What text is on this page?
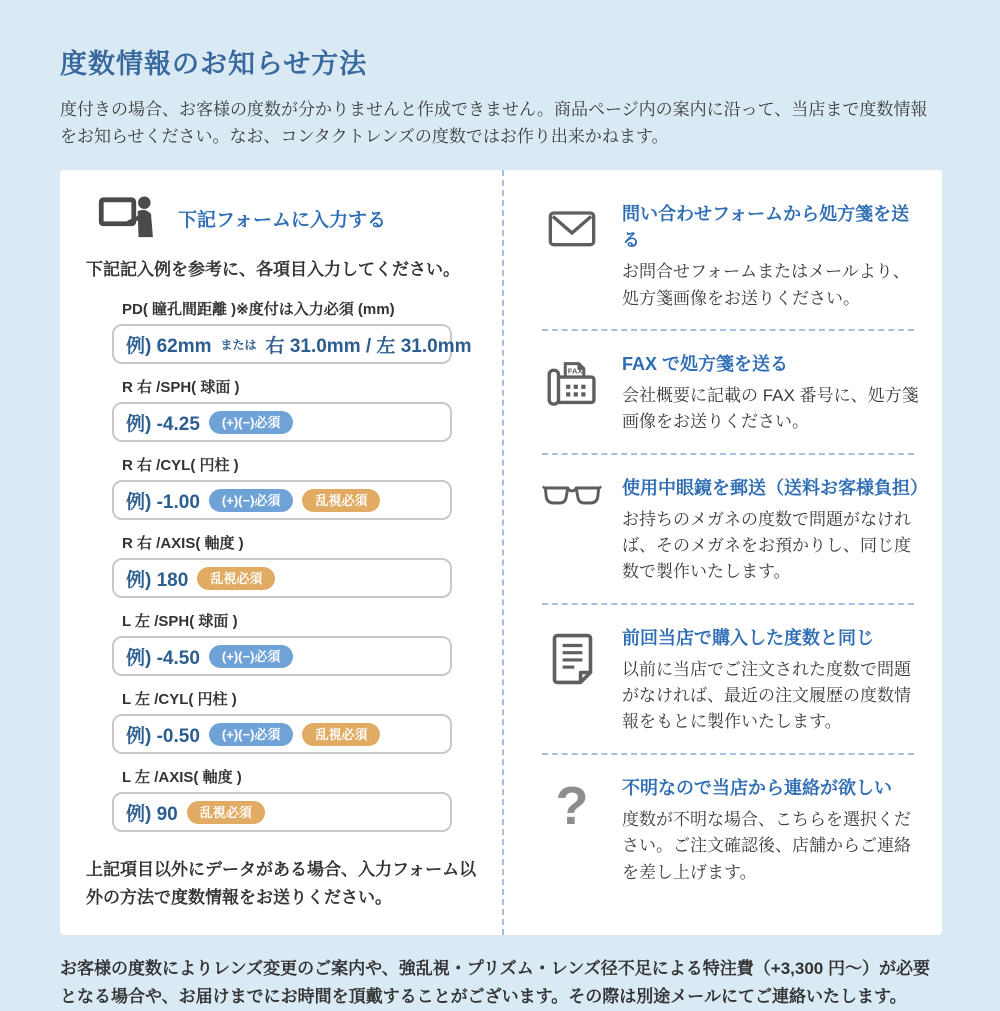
度数情報のお知らせ方法

度付きの場合、お客様の度数が分かりませんと作成できません。商品ページ内の案内に沿って、当店まで度数情報をお知らせください。なお、コンタクトレンズの度数ではお作り出来かねます。

下記フォームに入力する
下記記入例を参考に、各項目入力してください。
PD( 瞳孔間距離 )※度付は入力必須 (mm)
例) 62mm または 右 31.0mm / 左 31.0mm
R 右 /SPH( 球面 )
例) -4.25	(+)(−)必須
R 右 /CYL( 円柱 )
例) -1.00	(+)(−)必須	乱視必須
R 右 /AXIS( 軸度 )
例) 180	乱視必須
L 左 /SPH( 球面 )
例) -4.50	(+)(−)必須
L 左 /CYL( 円柱 )
例) -0.50	(+)(−)必須	乱視必須
L 左 /AXIS( 軸度 )
例) 90	乱視必須
上記項目以外にデータがある場合、入力フォーム以外の方法で度数情報をお送りください。
問い合わせフォームから処方箋を送る
お問合せフォームまたはメールより、処方箋画像をお送りください。
FAX FAX で処方箋を送る
会社概要に記載の FAX 番号に、処方箋画像をお送りください。
使用中眼鏡を郵送（送料お客様負担）
お持ちのメガネの度数で問題がなければ、そのメガネをお預かりし、同じ度数で製作いたします。
前回当店で購入した度数と同じ
以前に当店でご注文された度数で問題がなければ、最近の注文履歴の度数情報をもとに製作いたします。
? 不明なので当店から連絡が欲しい
度数が不明な場合、こちらを選択ください。ご注文確認後、店舗からご連絡を差し上げます。

お客様の度数によりレンズ変更のご案内や、強乱視・プリズム・レンズ径不足による特注費（+3,300 円～）が必要となる場合や、お届けまでにお時間を頂戴することがございます。その際は別途メールにてご連絡いたします。
